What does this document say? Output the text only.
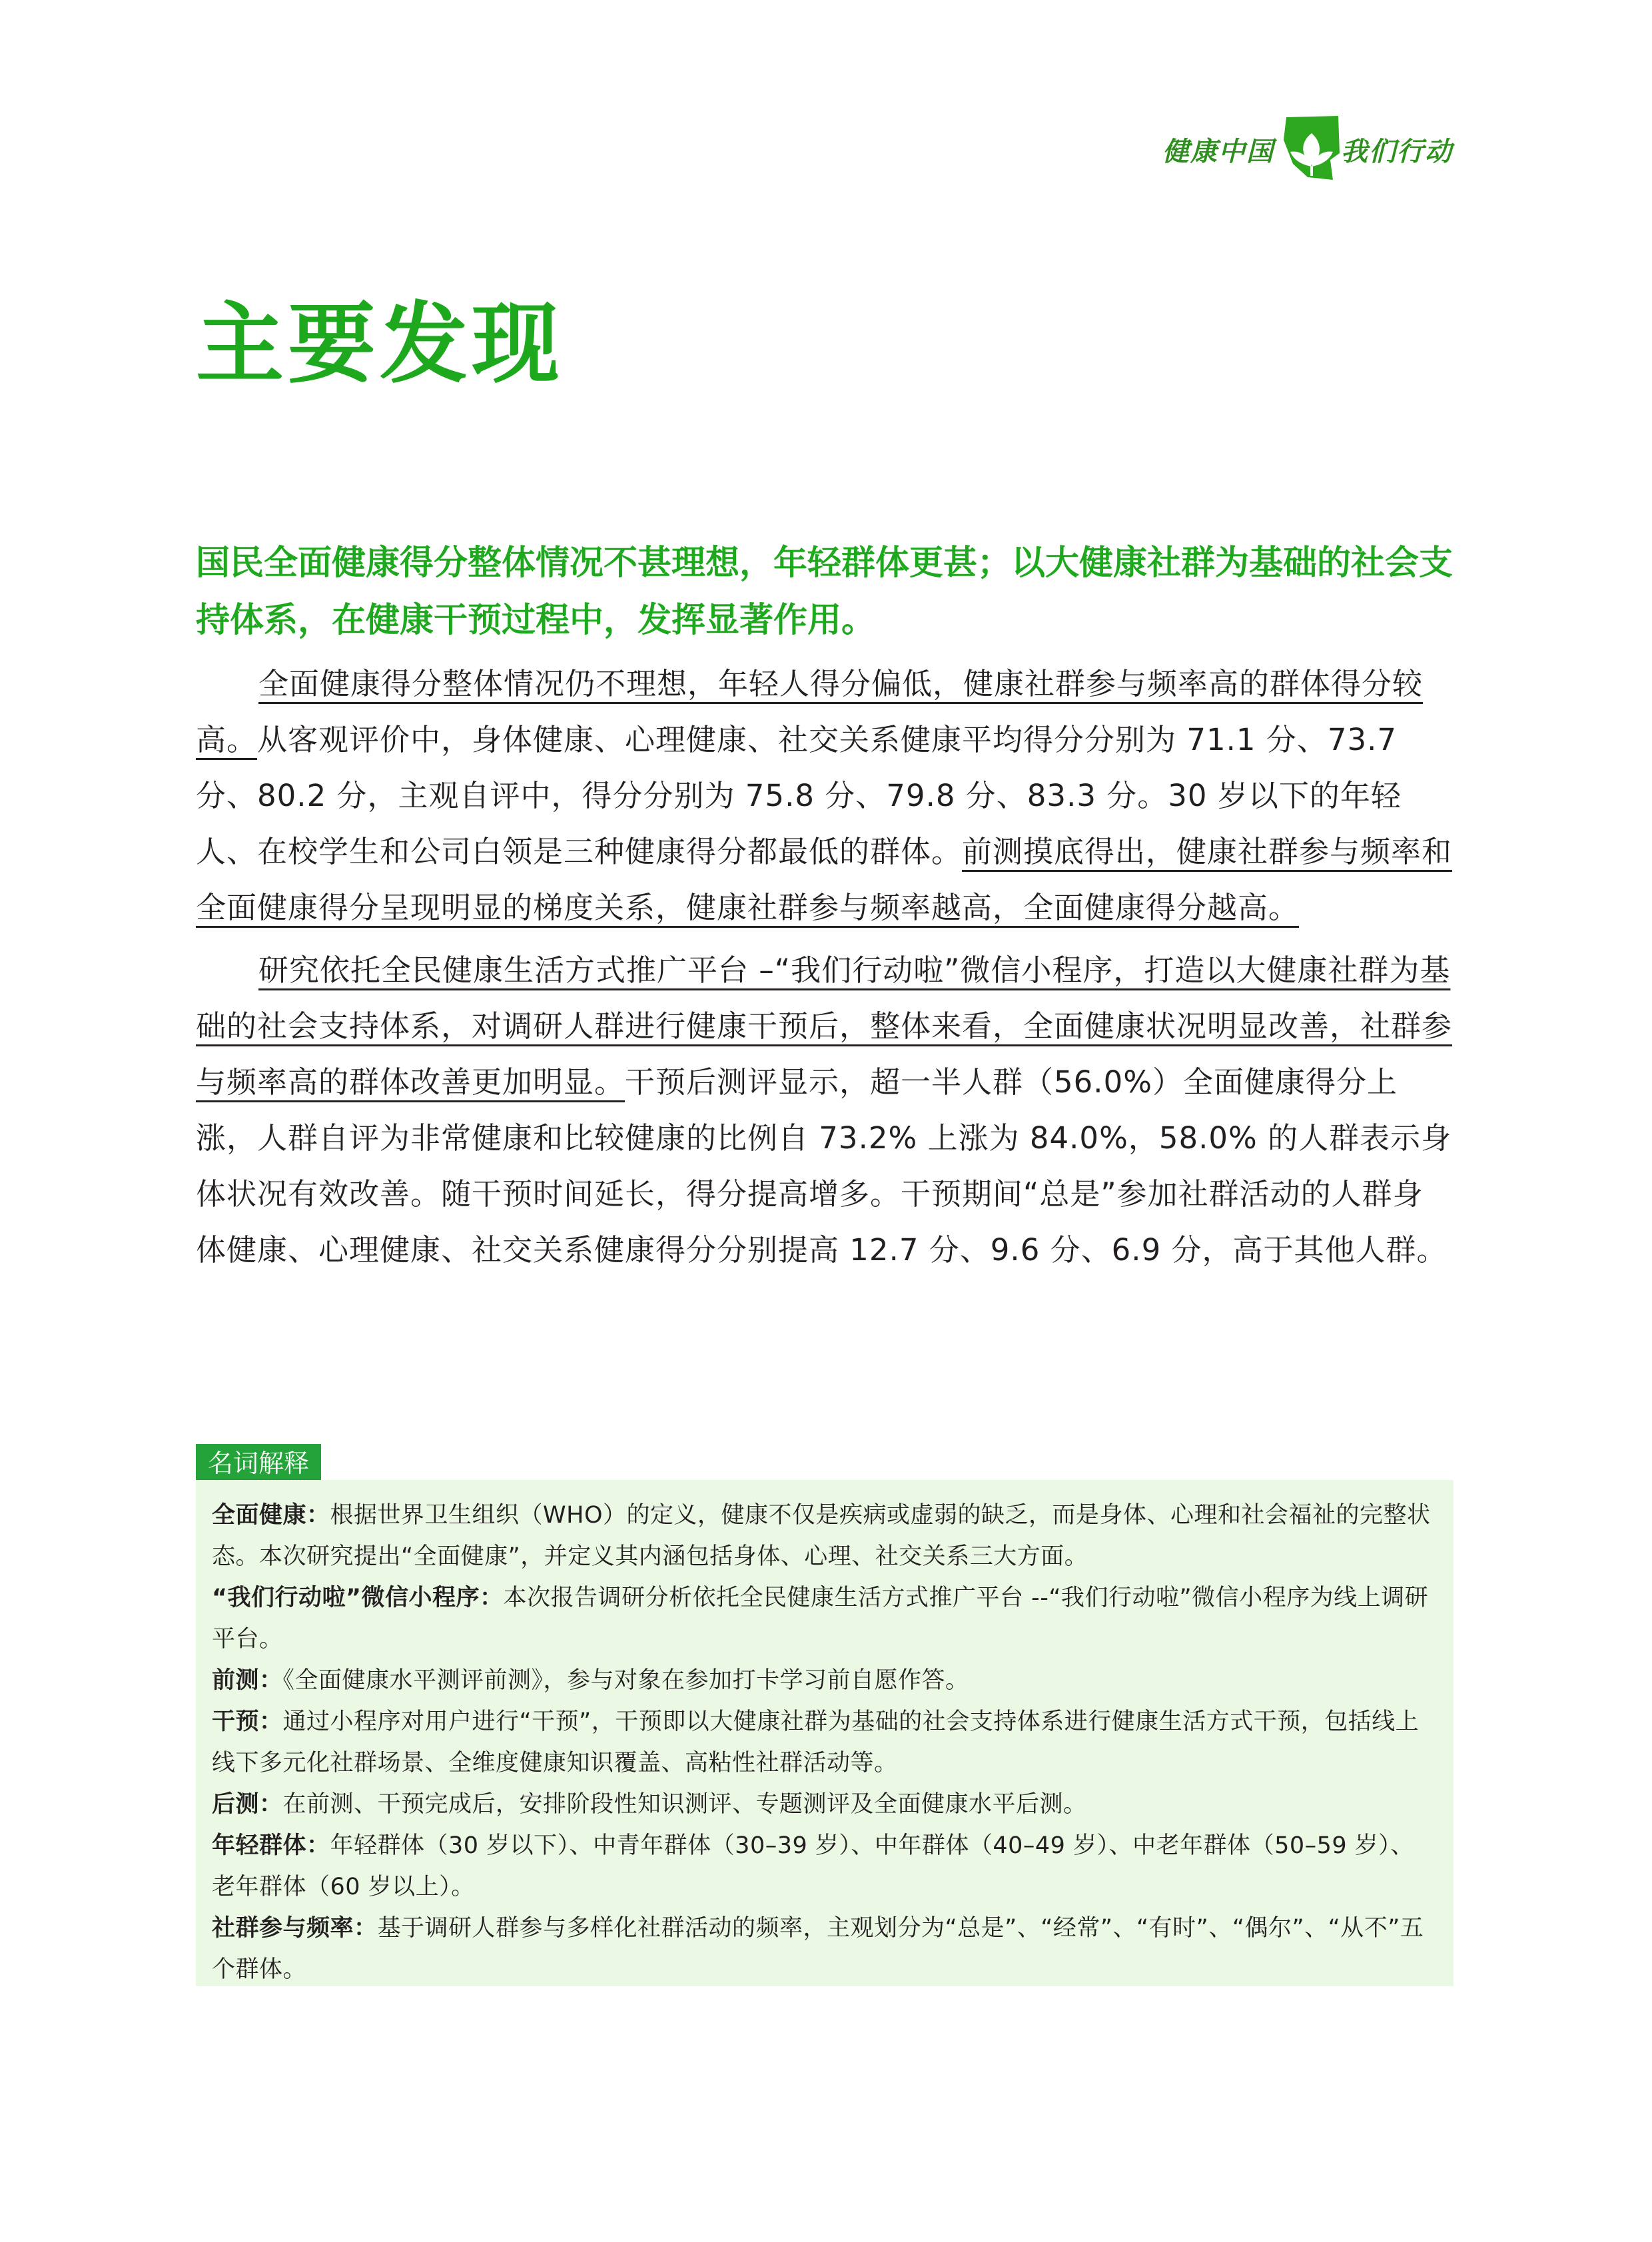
健康中国	我们行动
主要发现

国民全面健康得分整体情况不甚理想，年轻群体更甚；以大健康社群为基础的社会支持体系，在健康干预过程中，发挥显著作用。

全面健康得分整体情况仍不理想，年轻人得分偏低，健康社群参与频率高的群体得分较高。从客观评价中，身体健康、心理健康、社交关系健康平均得分分别为 71.1 分、73.7 分、80.2 分，主观自评中，得分分别为 75.8 分、79.8 分、83.3 分。30 岁以下的年轻人、在校学生和公司白领是三种健康得分都最低的群体。前测摸底得出，健康社群参与频率和全面健康得分呈现明显的梯度关系，健康社群参与频率越高，全面健康得分越高。

研究依托全民健康生活方式推广平台 –“我们行动啦”微信小程序，打造以大健康社群为基础的社会支持体系，对调研人群进行健康干预后，整体来看，全面健康状况明显改善，社群参与频率高的群体改善更加明显。干预后测评显示，超一半人群（56.0%）全面健康得分上涨，人群自评为非常健康和比较健康的比例自 73.2% 上涨为 84.0%，58.0% 的人群表示身体状况有效改善。随干预时间延长，得分提高增多。干预期间“总是”参加社群活动的人群身体健康、心理健康、社交关系健康得分分别提高 12.7 分、9.6 分、6.9 分，高于其他人群。

名词解释

全面健康：根据世界卫生组织（WHO）的定义，健康不仅是疾病或虚弱的缺乏，而是身体、心理和社会福祉的完整状态。本次研究提出“全面健康”，并定义其内涵包括身体、心理、社交关系三大方面。

“我们行动啦”微信小程序：本次报告调研分析依托全民健康生活方式推广平台 --“我们行动啦”微信小程序为线上调研平台。

前测：《全面健康水平测评前测》，参与对象在参加打卡学习前自愿作答。

干预：通过小程序对用户进行“干预”，干预即以大健康社群为基础的社会支持体系进行健康生活方式干预，包括线上线下多元化社群场景、全维度健康知识覆盖、高粘性社群活动等。

后测：在前测、干预完成后，安排阶段性知识测评、专题测评及全面健康水平后测。

年轻群体：年轻群体（30 岁以下）、中青年群体（30–39 岁）、中年群体（40–49 岁）、中老年群体（50–59 岁）、老年群体（60 岁以上）。

社群参与频率：基于调研人群参与多样化社群活动的频率，主观划分为“总是”、“经常”、“有时”、“偶尔”、“从不”五个群体。
